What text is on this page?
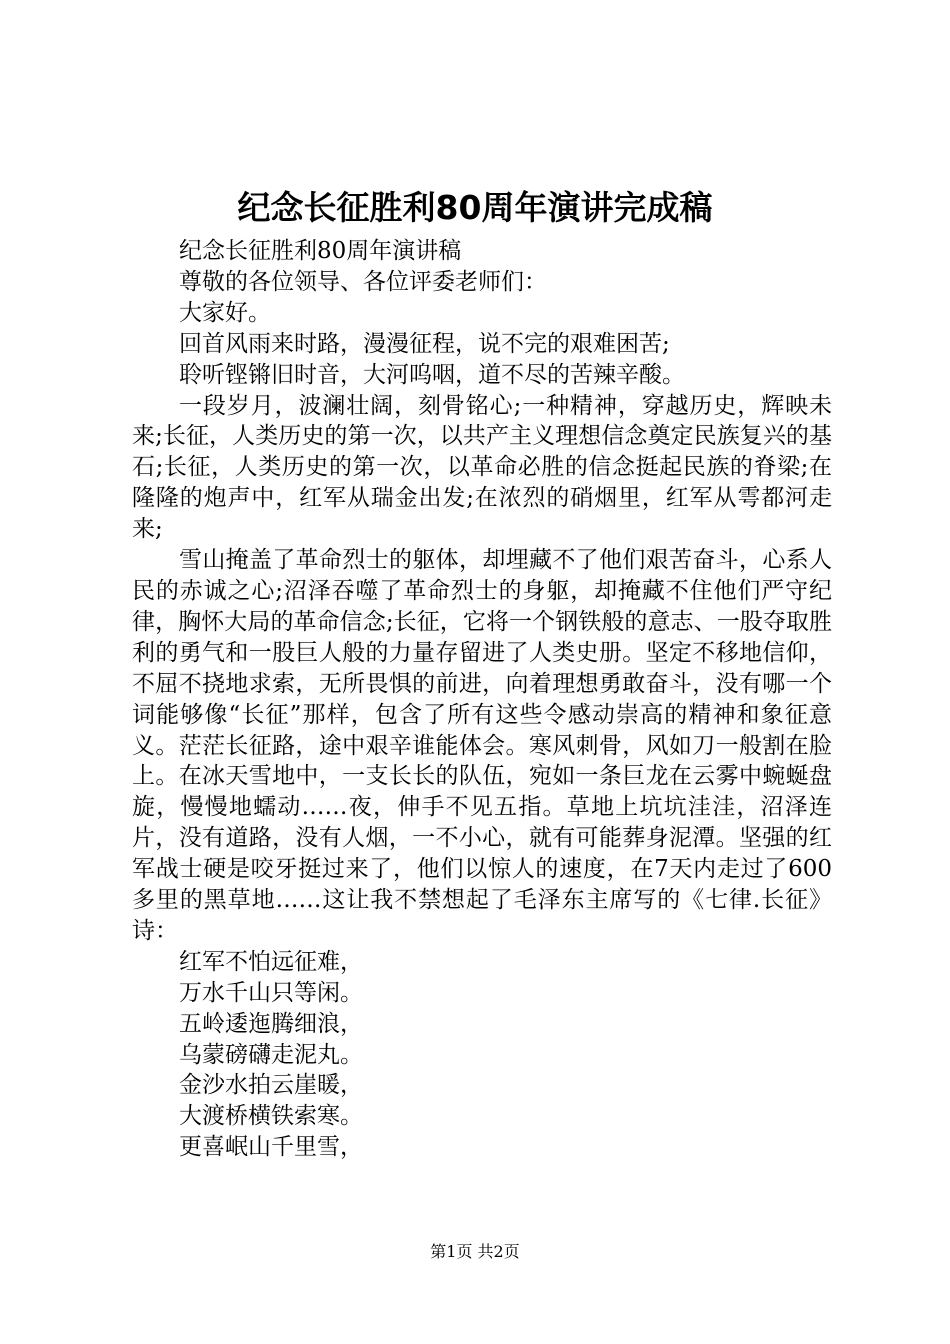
纪念长征胜利80周年演讲完成稿

纪念长征胜利80周年演讲稿

尊敬的各位领导、各位评委老师们：

大家好。

回首风雨来时路，漫漫征程，说不完的艰难困苦;

聆听铿锵旧时音，大河呜咽，道不尽的苦辣辛酸。

一段岁月，波澜壮阔，刻骨铭心;一种精神，穿越历史，辉映未来;长征，人类历史的第一次，以共产主义理想信念奠定民族复兴的基石;长征，人类历史的第一次，以革命必胜的信念挺起民族的脊梁;在隆隆的炮声中，红军从瑞金出发;在浓烈的硝烟里，红军从雩都河走来;

雪山掩盖了革命烈士的躯体，却埋藏不了他们艰苦奋斗，心系人民的赤诚之心;沼泽吞噬了革命烈士的身躯，却掩藏不住他们严守纪律，胸怀大局的革命信念;长征，它将一个钢铁般的意志、一股夺取胜利的勇气和一股巨人般的力量存留进了人类史册。坚定不移地信仰，不屈不挠地求索，无所畏惧的前进，向着理想勇敢奋斗，没有哪一个词能够像“长征”那样，包含了所有这些令感动崇高的精神和象征意义。茫茫长征路，途中艰辛谁能体会。寒风刺骨，风如刀一般割在脸上。在冰天雪地中，一支长长的队伍，宛如一条巨龙在云雾中蜿蜒盘旋，慢慢地蠕动……夜，伸手不见五指。草地上坑坑洼洼，沼泽连片，没有道路，没有人烟，一不小心，就有可能葬身泥潭。坚强的红军战士硬是咬牙挺过来了，他们以惊人的速度，在7天内走过了600多里的黑草地……这让我不禁想起了毛泽东主席写的《七律.长征》诗：

红军不怕远征难，

万水千山只等闲。

五岭逶迤腾细浪，

乌蒙磅礴走泥丸。

金沙水拍云崖暖，

大渡桥横铁索寒。

更喜岷山千里雪，

第1页 共2页
